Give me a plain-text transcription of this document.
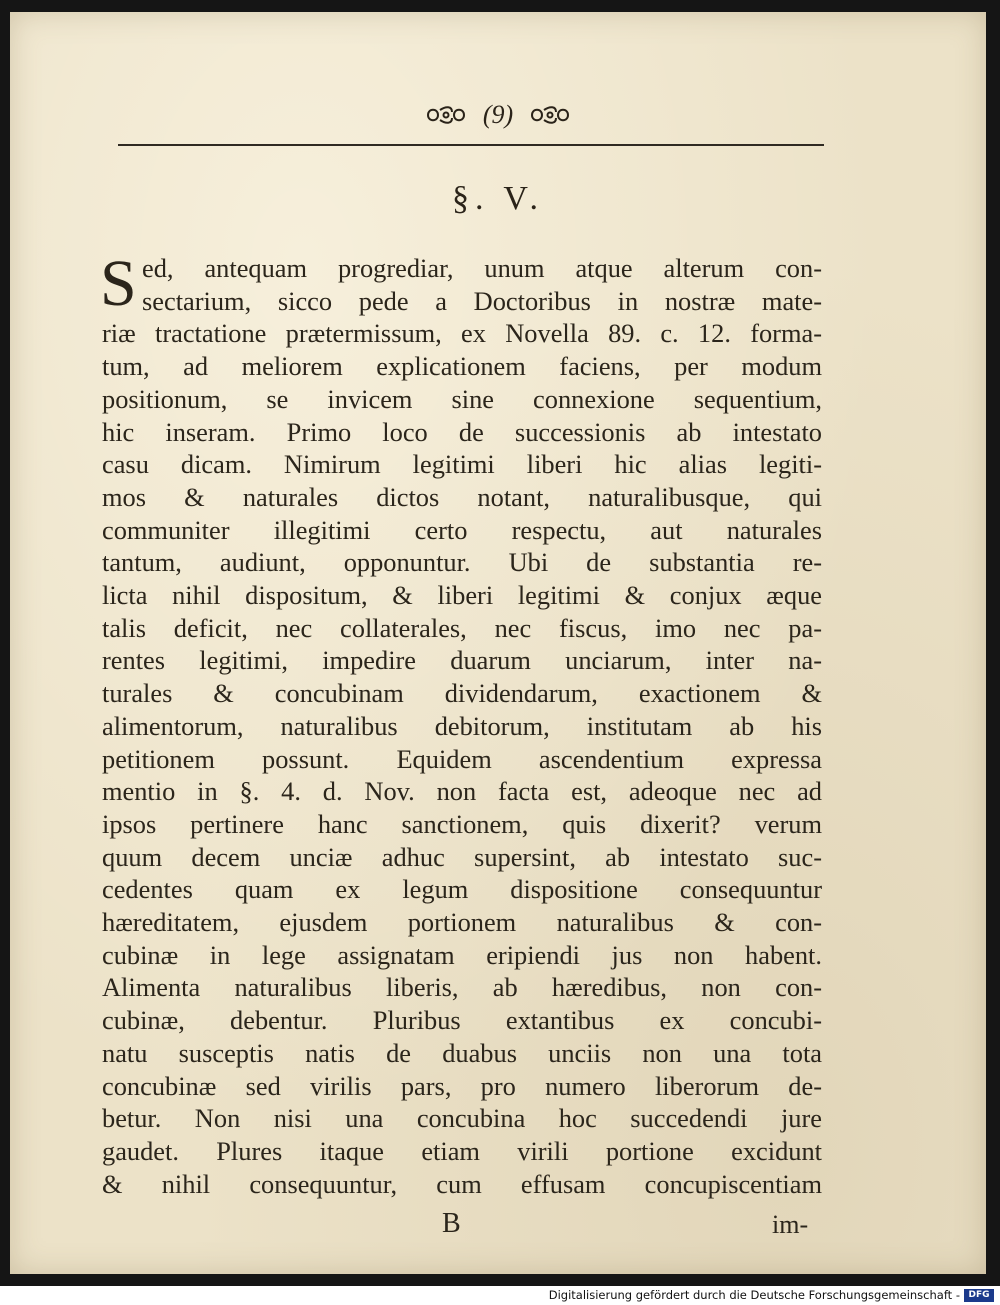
(9)
§. V.
S ed, antequam progrediar, unum atque alterum con-
sectarium, sicco pede a Doctoribus in nostræ mate-
riæ tractatione prætermissum, ex Novella 89. c. 12. forma-
tum, ad meliorem explicationem faciens, per modum
positionum, se invicem sine connexione sequentium,
hic inseram. Primo loco de successionis ab intestato
casu dicam. Nimirum legitimi liberi hic alias legiti-
mos & naturales dictos notant, naturalibusque, qui
communiter illegitimi certo respectu, aut naturales
tantum, audiunt, opponuntur. Ubi de substantia re-
licta nihil dispositum, & liberi legitimi & conjux æque
talis deficit, nec collaterales, nec fiscus, imo nec pa-
rentes legitimi, impedire duarum unciarum, inter na-
turales & concubinam dividendarum, exactionem &
alimentorum, naturalibus debitorum, institutam ab his
petitionem possunt. Equidem ascendentium expressa
mentio in §. 4. d. Nov. non facta est, adeoque nec ad
ipsos pertinere hanc sanctionem, quis dixerit? verum
quum decem unciæ adhuc supersint, ab intestato suc-
cedentes quam ex legum dispositione consequuntur
hæreditatem, ejusdem portionem naturalibus & con-
cubinæ in lege assignatam eripiendi jus non habent.
Alimenta naturalibus liberis, ab hæredibus, non con-
cubinæ, debentur. Pluribus extantibus ex concubi-
natu susceptis natis de duabus unciis non una tota
concubinæ sed virilis pars, pro numero liberorum de-
betur. Non nisi una concubina hoc succedendi jure
gaudet. Plures itaque etiam virili portione excidunt
& nihil consequuntur, cum effusam concupiscentiam
B	im-
Digitalisierung gefördert durch die Deutsche Forschungsgemeinschaft - DFG
